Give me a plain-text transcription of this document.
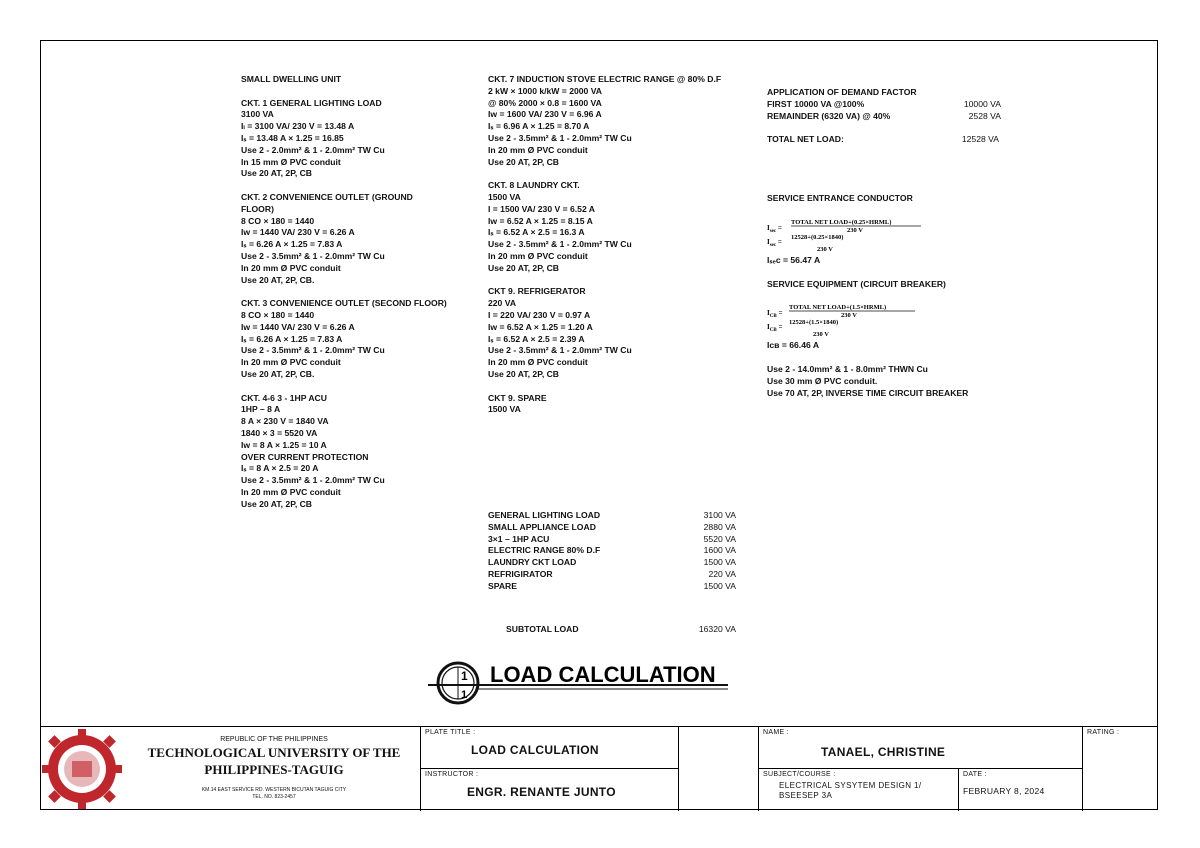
SMALL DWELLING UNIT
CKT. 1 GENERAL LIGHTING LOAD
3100 VA
Iₗ = 3100 VA/ 230 V = 13.48 A
Iₛ = 13.48 A × 1.25 = 16.85
Use 2 - 2.0mm² & 1 - 2.0mm² TW Cu
In 15 mm Ø PVC conduit
Use 20 AT, 2P, CB
CKT. 2 CONVENIENCE OUTLET (GROUND FLOOR)
8 CO × 180 = 1440
Iᴡ = 1440 VA/ 230 V = 6.26 A
Iₛ = 6.26 A × 1.25 = 7.83 A
Use 2 - 3.5mm² & 1 - 2.0mm² TW Cu
In 20 mm Ø PVC conduit
Use 20 AT, 2P, CB.
CKT. 3 CONVENIENCE OUTLET (SECOND FLOOR)
8 CO × 180 = 1440
Iᴡ = 1440 VA/ 230 V = 6.26 A
Iₛ = 6.26 A × 1.25 = 7.83 A
Use 2 - 3.5mm² & 1 - 2.0mm² TW Cu
In 20 mm Ø PVC conduit
Use 20 AT, 2P, CB.
CKT. 4-6 3 - 1HP ACU
1HP – 8 A
8 A × 230 V = 1840 VA
1840 × 3 = 5520 VA
Iᴡ = 8 A × 1.25 = 10 A
OVER CURRENT PROTECTION
Iₛ = 8 A × 2.5 = 20 A
Use 2 - 3.5mm² & 1 - 2.0mm² TW Cu
In 20 mm Ø PVC conduit
Use 20 AT, 2P, CB
CKT. 7 INDUCTION STOVE ELECTRIC RANGE @ 80% D.F
2 kW × 1000 k/kW = 2000 VA
@ 80% 2000 × 0.8 = 1600 VA
Iᴡ = 1600 VA/ 230 V = 6.96 A
Iₛ = 6.96 A × 1.25 = 8.70 A
Use 2 - 3.5mm² & 1 - 2.0mm² TW Cu
In 20 mm Ø PVC conduit
Use 20 AT, 2P, CB
CKT. 8 LAUNDRY CKT.
1500 VA
I = 1500 VA/ 230 V = 6.52 A
Iᴡ = 6.52 A × 1.25 = 8.15 A
Iₛ = 6.52 A × 2.5 = 16.3 A
Use 2 - 3.5mm² & 1 - 2.0mm² TW Cu
In 20 mm Ø PVC conduit
Use 20 AT, 2P, CB
CKT 9. REFRIGERATOR
220 VA
I = 220 VA/ 230 V = 0.97 A
Iᴡ = 6.52 A × 1.25 = 1.20 A
Iₛ = 6.52 A × 2.5 = 2.39 A
Use 2 - 3.5mm² & 1 - 2.0mm² TW Cu
In 20 mm Ø PVC conduit
Use 20 AT, 2P, CB
CKT 9. SPARE
1500 VA
GENERAL LIGHTING LOAD	3100 VA
SMALL APPLIANCE LOAD	2880 VA
3×1 – 1HP ACU	5520 VA
ELECTRIC RANGE 80% D.F	1600 VA
LAUNDRY CKT LOAD	1500 VA
REFRIGIRATOR	220 VA
SPARE	1500 VA
SUBTOTAL LOAD	16320 VA
APPLICATION OF DEMAND FACTOR
FIRST 10000 VA @100%	10000 VA
REMAINDER (6320 VA) @ 40%	2528 VA
TOTAL NET LOAD:	12528 VA
SERVICE ENTRANCE CONDUCTOR
$I_{sec}$ =
TOTAL NET LOAD+(0.25×HRML)
230 V
$I_{sec}$ =
12528+(0.25×1840)
230 V
Iₛₑᴄ = 56.47 A
SERVICE EQUIPMENT (CIRCUIT BREAKER)
$I_{CB}$ =
TOTAL NET LOAD+(1.5×HRML)
230 V
$I_{CB}$ =
12528+(1.5×1840)
230 V
Iᴄʙ = 66.46 A
Use 2 - 14.0mm² & 1 - 8.0mm² THWN Cu
Use 30 mm Ø PVC conduit.
Use 70 AT, 2P, INVERSE TIME CIRCUIT BREAKER
1
1
LOAD CALCULATION
REPUBLIC OF THE PHILIPPINES
TECHNOLOGICAL UNIVERSITY OF THE
PHILIPPINES-TAGUIG
KM.14 EAST SERVICE RD. WESTERN BICUTAN TAGUIG CITY
TEL. NO. 823-2457
PLATE TITLE :
LOAD CALCULATION
INSTRUCTOR :
ENGR. RENANTE JUNTO
NAME :
TANAEL, CHRISTINE
SUBJECT/COURSE :
ELECTRICAL SYSYTEM DESIGN 1/
BSEESEP 3A
DATE :
FEBRUARY 8, 2024
RATING :
